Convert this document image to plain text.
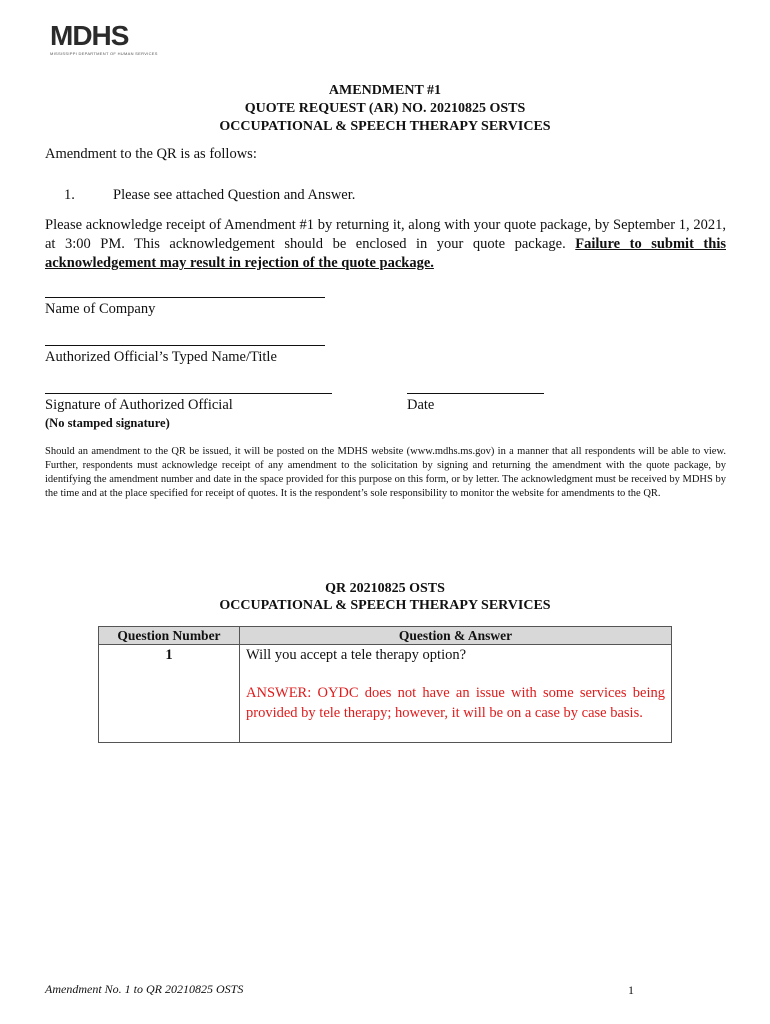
MDHS
MISSISSIPPI DEPARTMENT OF HUMAN SERVICES
AMENDMENT #1
QUOTE REQUEST (AR) NO. 20210825 OSTS
OCCUPATIONAL & SPEECH THERAPY SERVICES
Amendment to the QR is as follows:
1.	Please see attached Question and Answer.
Please acknowledge receipt of Amendment #1 by returning it, along with your quote package, by September 1, 2021, at 3:00 PM. This acknowledgement should be enclosed in your quote package. Failure to submit this acknowledgement may result in rejection of the quote package.
Name of Company
Authorized Official’s Typed Name/Title
Signature of Authorized Official	Date
(No stamped signature)
Should an amendment to the QR be issued, it will be posted on the MDHS website (www.mdhs.ms.gov) in a manner that all respondents will be able to view. Further, respondents must acknowledge receipt of any amendment to the solicitation by signing and returning the amendment with the quote package, by identifying the amendment number and date in the space provided for this purpose on this form, or by letter. The acknowledgment must be received by MDHS by the time and at the place specified for receipt of quotes. It is the respondent’s sole responsibility to monitor the website for amendments to the QR.
QR 20210825 OSTS
OCCUPATIONAL & SPEECH THERAPY SERVICES
Question Number	Question & Answer

1	Will you accept a tele therapy option?
ANSWER: OYDC does not have an issue with some services being provided by tele therapy; however, it will be on a case by case basis.
Amendment No. 1 to QR 20210825 OSTS	1
